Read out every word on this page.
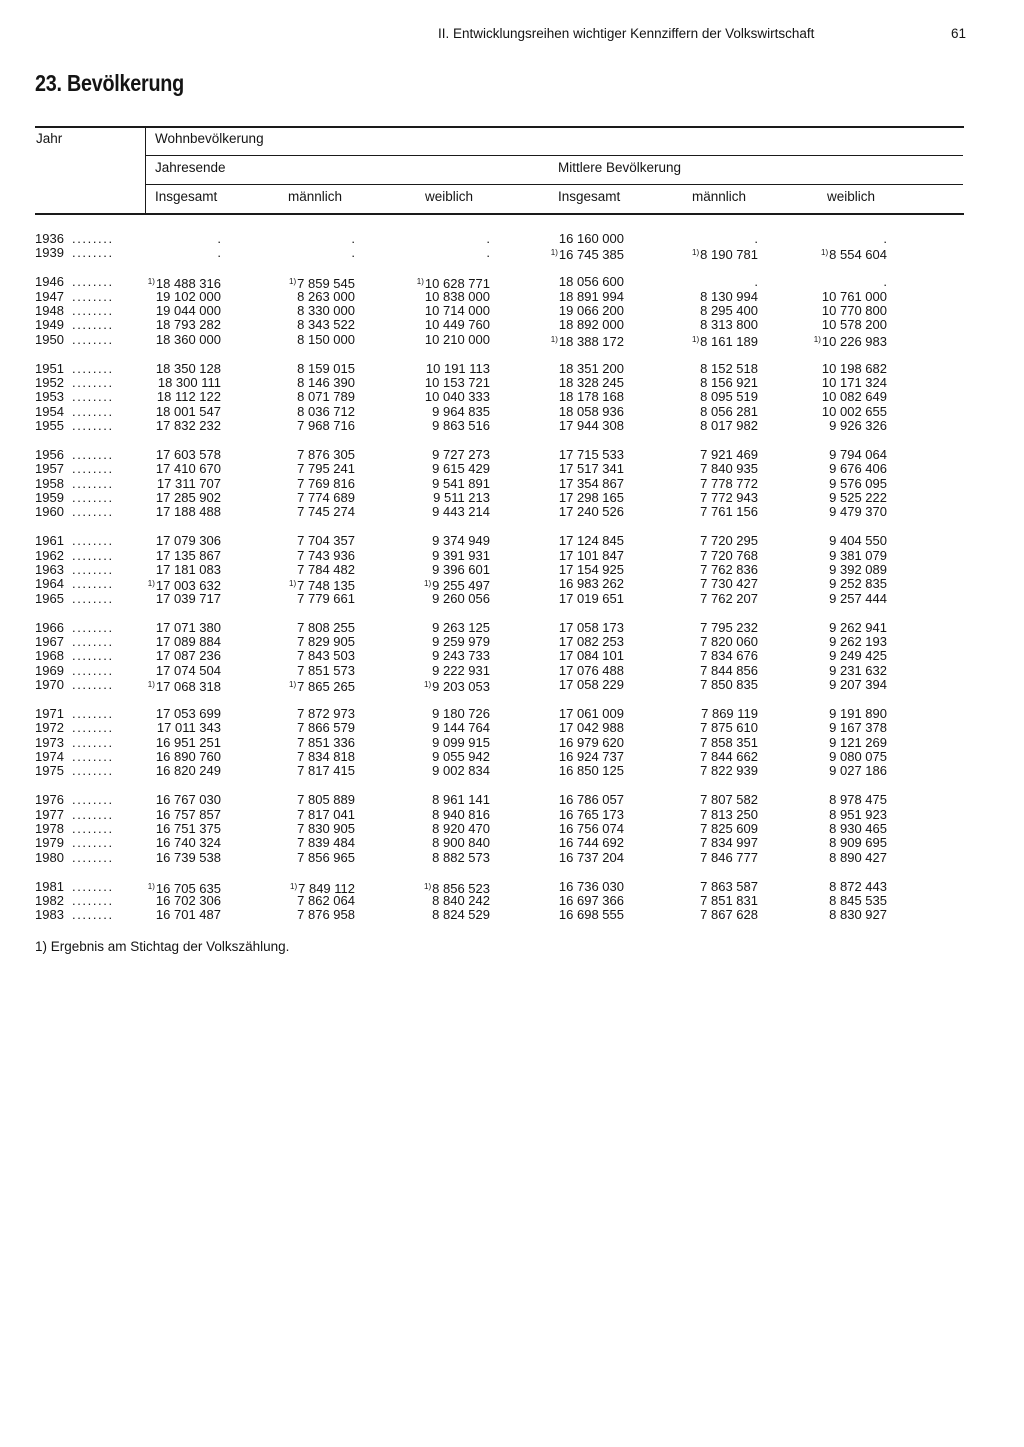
II. Entwicklungsreihen wichtiger Kennziffern der Volkswirtschaft	61
23. Bevölkerung
Jahr	Wohnbevölkerung
Jahresende	Mittlere Bevölkerung
Insgesamt	männlich	weiblich	Insgesamt	männlich	weiblich
1936 ........	.	.	.	16 160 000	.	.
1939 ........	.	.	.	$^{1)}$16 745 385	$^{1)}$8 190 781	$^{1)}$8 554 604
1946 ........	$^{1)}$18 488 316	$^{1)}$7 859 545	$^{1)}$10 628 771	18 056 600	.	.
1947 ........	19 102 000	8 263 000	10 838 000	18 891 994	8 130 994	10 761 000
1948 ........	19 044 000	8 330 000	10 714 000	19 066 200	8 295 400	10 770 800
1949 ........	18 793 282	8 343 522	10 449 760	18 892 000	8 313 800	10 578 200
1950 ........	18 360 000	8 150 000	10 210 000	$^{1)}$18 388 172	$^{1)}$8 161 189	$^{1)}$10 226 983
1951 ........	18 350 128	8 159 015	10 191 113	18 351 200	8 152 518	10 198 682
1952 ........	18 300 111	8 146 390	10 153 721	18 328 245	8 156 921	10 171 324
1953 ........	18 112 122	8 071 789	10 040 333	18 178 168	8 095 519	10 082 649
1954 ........	18 001 547	8 036 712	9 964 835	18 058 936	8 056 281	10 002 655
1955 ........	17 832 232	7 968 716	9 863 516	17 944 308	8 017 982	9 926 326
1956 ........	17 603 578	7 876 305	9 727 273	17 715 533	7 921 469	9 794 064
1957 ........	17 410 670	7 795 241	9 615 429	17 517 341	7 840 935	9 676 406
1958 ........	17 311 707	7 769 816	9 541 891	17 354 867	7 778 772	9 576 095
1959 ........	17 285 902	7 774 689	9 511 213	17 298 165	7 772 943	9 525 222
1960 ........	17 188 488	7 745 274	9 443 214	17 240 526	7 761 156	9 479 370
1961 ........	17 079 306	7 704 357	9 374 949	17 124 845	7 720 295	9 404 550
1962 ........	17 135 867	7 743 936	9 391 931	17 101 847	7 720 768	9 381 079
1963 ........	17 181 083	7 784 482	9 396 601	17 154 925	7 762 836	9 392 089
1964 ........	$^{1)}$17 003 632	$^{1)}$7 748 135	$^{1)}$9 255 497	16 983 262	7 730 427	9 252 835
1965 ........	17 039 717	7 779 661	9 260 056	17 019 651	7 762 207	9 257 444
1966 ........	17 071 380	7 808 255	9 263 125	17 058 173	7 795 232	9 262 941
1967 ........	17 089 884	7 829 905	9 259 979	17 082 253	7 820 060	9 262 193
1968 ........	17 087 236	7 843 503	9 243 733	17 084 101	7 834 676	9 249 425
1969 ........	17 074 504	7 851 573	9 222 931	17 076 488	7 844 856	9 231 632
1970 ........	$^{1)}$17 068 318	$^{1)}$7 865 265	$^{1)}$9 203 053	17 058 229	7 850 835	9 207 394
1971 ........	17 053 699	7 872 973	9 180 726	17 061 009	7 869 119	9 191 890
1972 ........	17 011 343	7 866 579	9 144 764	17 042 988	7 875 610	9 167 378
1973 ........	16 951 251	7 851 336	9 099 915	16 979 620	7 858 351	9 121 269
1974 ........	16 890 760	7 834 818	9 055 942	16 924 737	7 844 662	9 080 075
1975 ........	16 820 249	7 817 415	9 002 834	16 850 125	7 822 939	9 027 186
1976 ........	16 767 030	7 805 889	8 961 141	16 786 057	7 807 582	8 978 475
1977 ........	16 757 857	7 817 041	8 940 816	16 765 173	7 813 250	8 951 923
1978 ........	16 751 375	7 830 905	8 920 470	16 756 074	7 825 609	8 930 465
1979 ........	16 740 324	7 839 484	8 900 840	16 744 692	7 834 997	8 909 695
1980 ........	16 739 538	7 856 965	8 882 573	16 737 204	7 846 777	8 890 427
1981 ........	$^{1)}$16 705 635	$^{1)}$7 849 112	$^{1)}$8 856 523	16 736 030	7 863 587	8 872 443
1982 ........	16 702 306	7 862 064	8 840 242	16 697 366	7 851 831	8 845 535
1983 ........	16 701 487	7 876 958	8 824 529	16 698 555	7 867 628	8 830 927
1) Ergebnis am Stichtag der Volkszählung.
